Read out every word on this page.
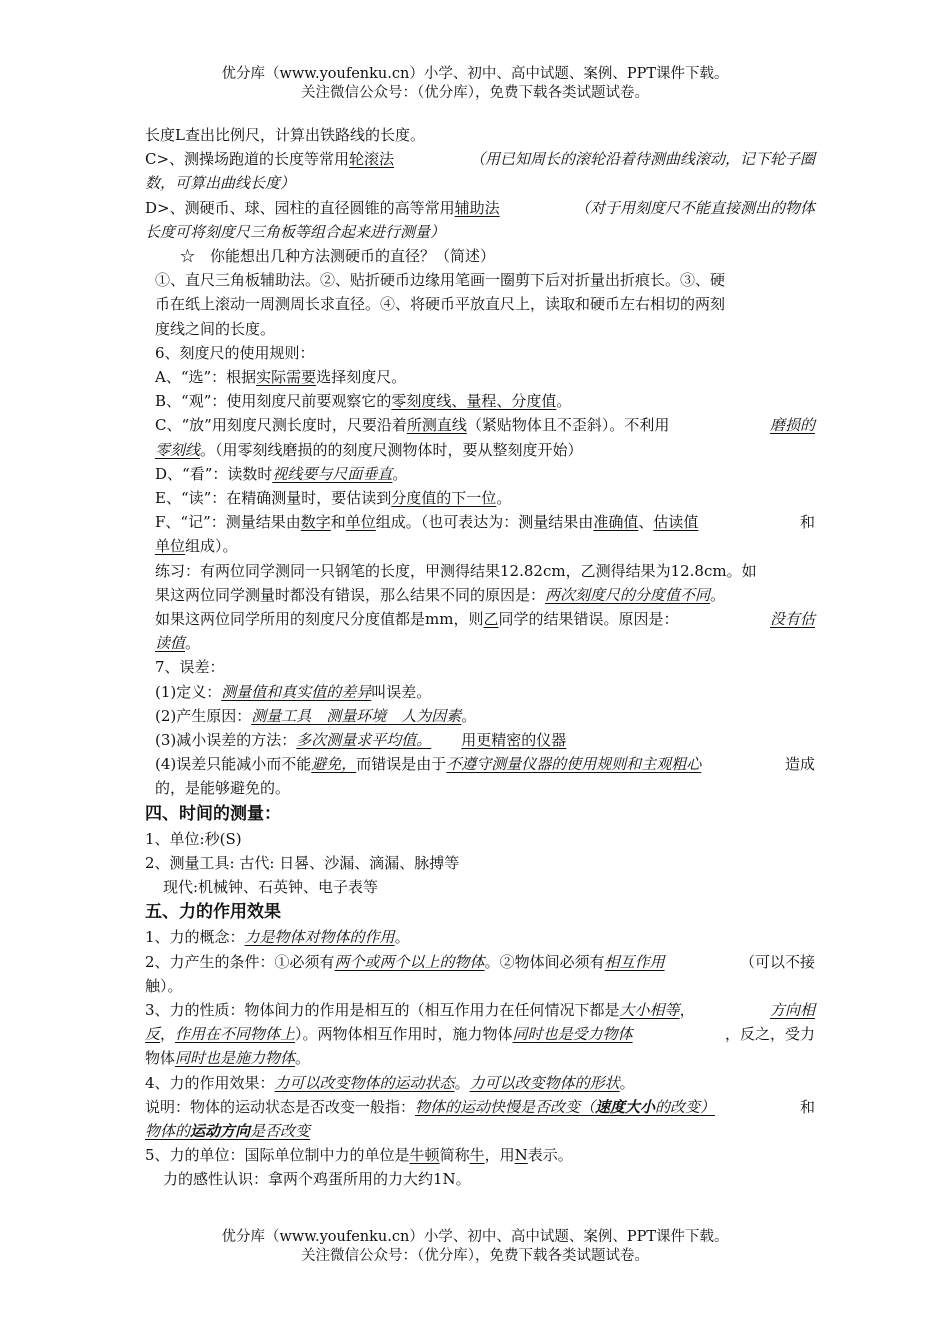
优分库（www.youfenku.cn）小学、初中、高中试题、案例、PPT课件下载。
关注微信公众号：（优分库），免费下载各类试题试卷。
长度L查出比例尺，计算出铁路线的长度。
C>、测操场跑道的长度等常用轮滚法	（用已知周长的滚轮沿着待测曲线滚动，记下轮子圈
数，可算出曲线长度）
D>、测硬币、球、园柱的直径圆锥的高等常用辅助法	（对于用刻度尺不能直接测出的物体
长度可将刻度尺三角板等组合起来进行测量）
☆　你能想出几种方法测硬币的直径？（简述）
①、直尺三角板辅助法。②、贴折硬币边缘用笔画一圈剪下后对折量出折痕长。③、硬
币在纸上滚动一周测周长求直径。④、将硬币平放直尺上，读取和硬币左右相切的两刻
度线之间的长度。
6、刻度尺的使用规则：
A、“选”：根据 实际需要 选择刻度尺。
B、“观”：使用刻度尺前要观察它的 零刻度线、量程、分度值 。
C、“放”用刻度尺测长度时，尺要沿着所测直线（紧贴物体且不歪斜）。不利用	磨损的
零刻线 。（用零刻线磨损的的刻度尺测物体时，要从整刻度开始）
D、“看”：读数时 视线要与尺面垂直 。
E、“读”：在精确测量时，要估读到 分度值的下一位 。
F、“记”：测量结果由数字和单位组成。（也可表达为：测量结果由准确值、估读值	和
单位 组成）。
练习：有两位同学测同一只钢笔的长度，甲测得结果12.82cm，乙测得结果为12.8cm。如
果这两位同学测量时都没有错误，那么结果不同的原因是： 两次刻度尺的分度值不同 。
如果这两位同学所用的刻度尺分度值都是mm，则乙同学的结果错误。原因是：	没有估
读值 。
7、误差：
(1)定义： 测量值和真实值的差异 叫误差。
(2)产生原因： 测量工具　测量环境　人为因素 。
(3)减小误差的方法： 多次测量求平均值。 用更精密的仪器
(4)误差只能减小而不能避免，而错误是由于不遵守测量仪器的使用规则和主观粗心	造成
的，是能够避免的。
四、时间的测量：
1、单位:秒(S)
2、测量工具: 古代: 日晷、沙漏、滴漏、脉搏等
现代:机械钟、石英钟、电子表等
五、力的作用效果
1、力的概念： 力是物体对物体的作用 。
2、力产生的条件：①必须有两个或两个以上的物体。②物体间必须有相互作用	（可以不接
触）。
3、力的性质：物体间力的作用是相互的（相互作用力在任何情况下都是大小相等，	方向相
反，作用在不同物体上）。两物体相互作用时，施力物体同时也是受力物体	，反之，受力
物体 同时也是施力物体 。
4、力的作用效果： 力可以改变物体的运动状态 。 力可以改变物体的形状 。
说明：物体的运动状态是否改变一般指：物体的运动快慢是否改变（速度大小的改变）	和
物体的 运动方向 是否改变
5、力的单位：国际单位制中力的单位是 牛顿 简称 牛 ，用 N 表示。
力的感性认识：拿两个鸡蛋所用的力大约1N。
优分库（www.youfenku.cn）小学、初中、高中试题、案例、PPT课件下载。
关注微信公众号：（优分库），免费下载各类试题试卷。
